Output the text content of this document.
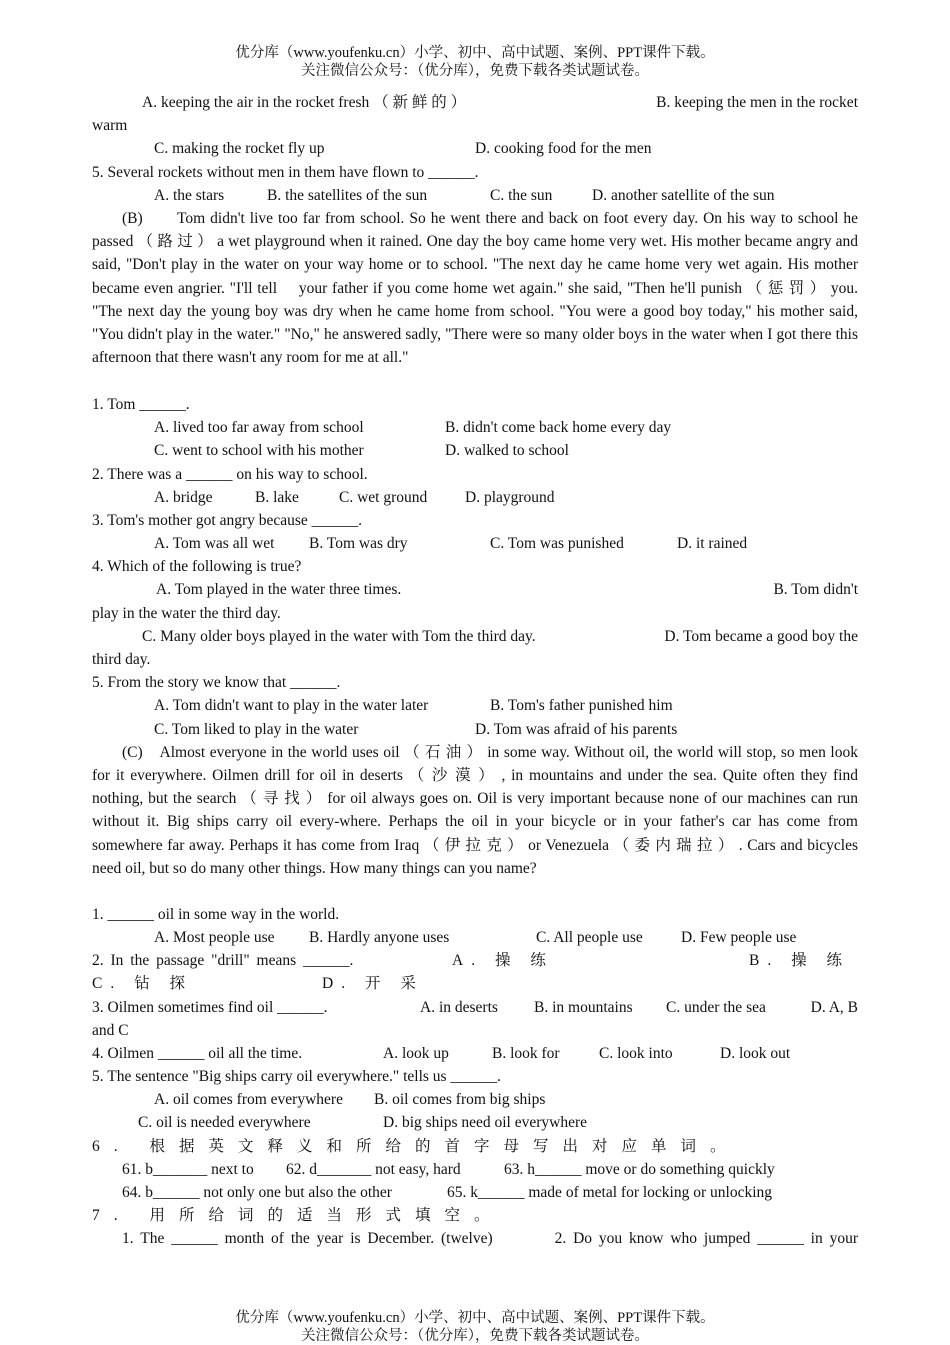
优分库（www.youfenku.cn）小学、初中、高中试题、案例、PPT课件下载。
关注微信公众号：（优分库），免费下载各类试题试卷。
A. keeping the air in the rocket fresh （ 新 鲜 的 ）	B. keeping the men in the rocket
warm
C. making the rocket fly up	D. cooking food for the men
5. Several rockets without men in them have flown to ______.
A. the stars	B. the satellites of the sun	C. the sun	D. another satellite of the sun

(B)　　Tom didn't live too far from school. So he went there and back on foot every day. On his way to school he passed （ 路 过 ） a wet playground when it rained. One day the boy came home very wet. His mother became angry and said, "Don't play in the water on your way home or to school. "The next day he came home very wet again. His mother became even angrier. "I'll tell　 your father if you come home wet again." she said, "Then he'll punish （ 惩 罚 ） you. "The next day the young boy was dry when he came home from school. "You were a good boy today," his mother said, "You didn't play in the water." "No," he answered sadly, "There were so many older boys in the water when I got there this afternoon that there wasn't any room for me at all."

1. Tom ______.
A. lived too far away from school	B. didn't come back home every day
C. went to school with his mother	D. walked to school
2. There was a ______ on his way to school.
A. bridge	B. lake	C. wet ground D. playground
3. Tom's mother got angry because ______.
A. Tom was all wet B. Tom was dry	C. Tom was punished	D. it rained
4. Which of the following is true?
A. Tom played in the water three times.	B. Tom didn't
play in the water the third day.
C. Many older boys played in the water with Tom the third day.	D. Tom became a good boy the
third day.
5. From the story we know that ______.
A. Tom didn't want to play in the water later	B. Tom's father punished him
C. Tom liked to play in the water	D. Tom was afraid of his parents

(C)　Almost everyone in the world uses oil （ 石 油 ） in some way. Without oil, the world will stop, so men look for it everywhere. Oilmen drill for oil in deserts （ 沙 漠 ） , in mountains and under the sea. Quite often they find nothing, but the search （ 寻 找 ） for oil always goes on. Oil is very important because none of our machines can run without it. Big ships carry oil every-where. Perhaps the oil in your bicycle or in your father's car has come from somewhere far away. Perhaps it has come from Iraq （ 伊 拉 克 ） or Venezuela （ 委 内 瑞 拉 ） . Cars and bicycles need oil, but so do many other things. How many things can you name?

1. ______ oil in some way in the world.
A. Most people use B. Hardly anyone uses	C. All people use D. Few people use
2. In the passage "drill" means ______.	A. 操 练	B. 操 练
C. 钻 探	D. 开 采
3. Oilmen sometimes find oil ______.	A. in deserts B. in mountains C. under the sea	D. A, B
and C
4. Oilmen ______ oil all the time.	A. look up	B. look for	C. look into	D. look out
5. The sentence "Big ships carry oil everywhere." tells us ______.
A. oil comes from everywhere B. oil comes from big ships
C. oil is needed everywhere	D. big ships need oil everywhere
6. 根据英文释义和所给的首字母写出对应单词。
61. b_______ next to 62. d_______ not easy, hard	63. h______ move or do something quickly
64. b______ not only one but also the other	65. k______ made of metal for locking or unlocking
7. 用所给词的适当形式填空。
1. The ______ month of the year is December. (twelve)	2. Do you know who jumped ______ in your
优分库（www.youfenku.cn）小学、初中、高中试题、案例、PPT课件下载。
关注微信公众号：（优分库），免费下载各类试题试卷。
